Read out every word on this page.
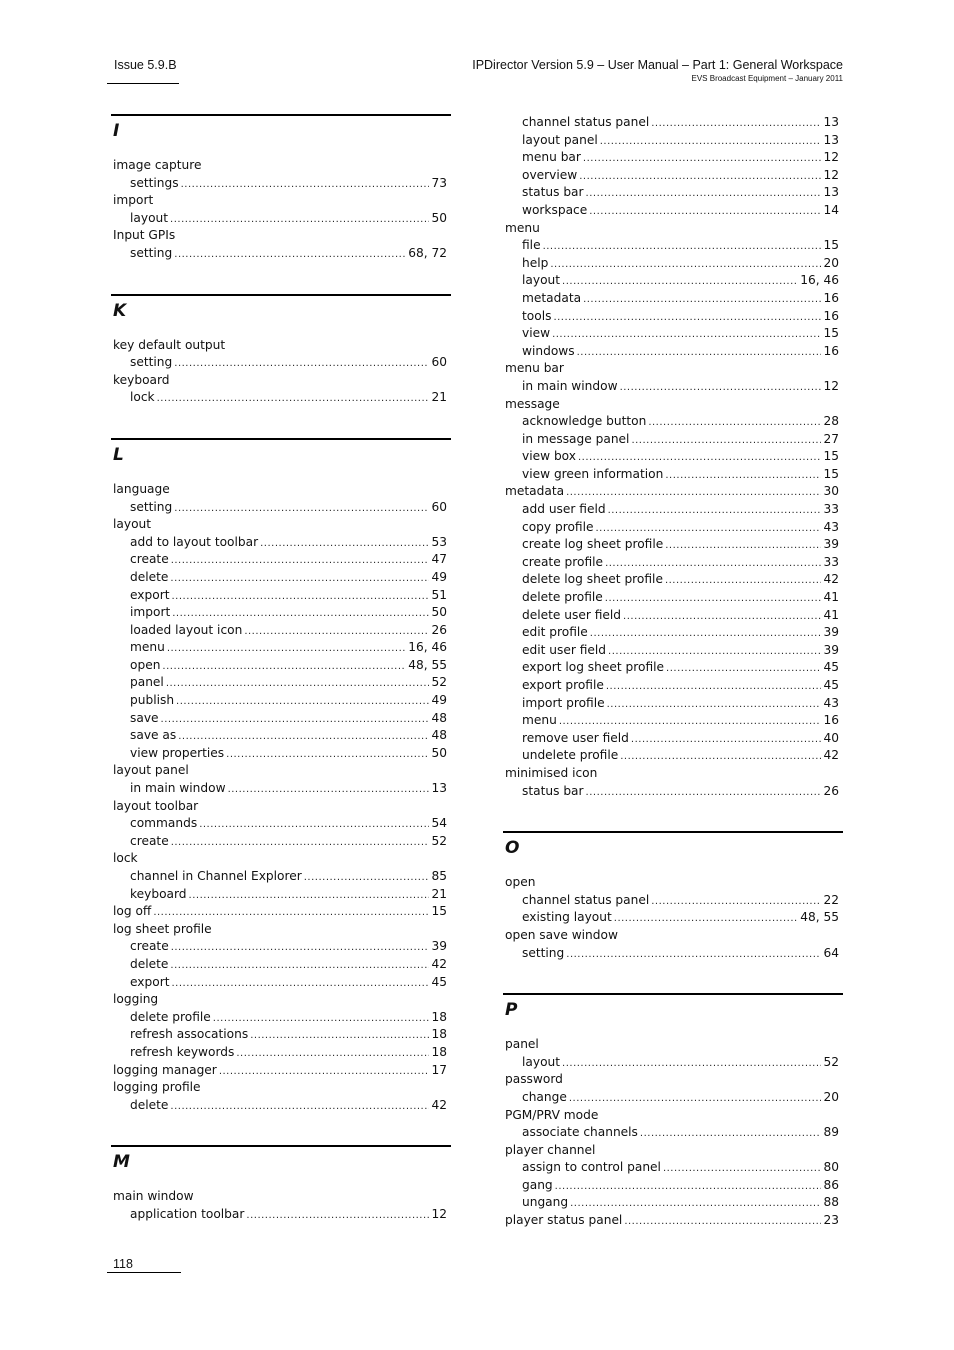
Issue 5.9.B	IPDirector Version 5.9 – User Manual – Part 1: General Workspace
EVS Broadcast Equipment – January 2011
I
image capture
settings .....	73
import
layout .....	50
Input GPIs
setting .....	68, 72
K
key default output
setting .....	60
keyboard
lock .....	21
L
language
setting .....	60
layout
add to layout toolbar .....	53
create .....	47
delete .....	49
export .....	51
import .....	50
loaded layout icon .....	26
menu .....	16, 46
open .....	48, 55
panel .....	52
publish .....	49
save .....	48
save as .....	48
view properties .....	50
layout panel
in main window .....	13
layout toolbar
commands .....	54
create .....	52
lock
channel in Channel Explorer .....	85
keyboard .....	21
log off .....	15
log sheet profile
create .....	39
delete .....	42
export .....	45
logging
delete profile .....	18
refresh assocations .....	18
refresh keywords .....	18
logging manager .....	17
logging profile
delete .....	42
M
main window
application toolbar .....	12
channel status panel .....	13
layout panel .....	13
menu bar .....	12
overview .....	12
status bar .....	13
workspace .....	14
menu
file .....	15
help .....	20
layout .....	16, 46
metadata .....	16
tools .....	16
view .....	15
windows .....	16
menu bar
in main window .....	12
message
acknowledge button .....	28
in message panel .....	27
view box .....	15
view green information .....	15
metadata .....	30
add user field .....	33
copy profile .....	43
create log sheet profile .....	39
create profile .....	33
delete log sheet profile .....	42
delete profile .....	41
delete user field .....	41
edit profile .....	39
edit user field .....	39
export log sheet profile .....	45
export profile .....	45
import profile .....	43
menu .....	16
remove user field .....	40
undelete profile .....	42
minimised icon
status bar .....	26
O
open
channel status panel .....	22
existing layout .....	48, 55
open save window
setting .....	64
P
panel
layout .....	52
password
change .....	20
PGM/PRV mode
associate channels .....	89
player channel
assign to control panel .....	80
gang .....	86
ungang .....	88
player status panel .....	23
118
